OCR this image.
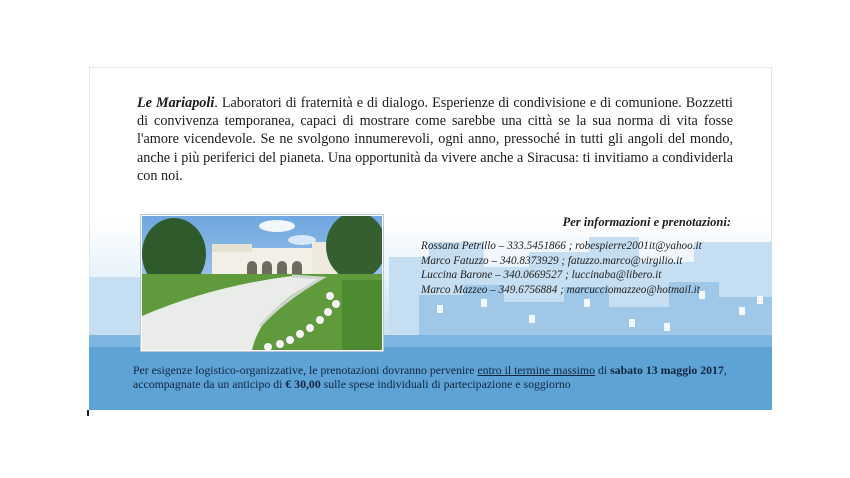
Le Mariapoli. Laboratori di fraternità e di dialogo. Esperienze di condivisione e di comunione. Bozzetti di convivenza temporanea, capaci di mostrare come sarebbe una città se la sua norma di vita fosse l'amore vicendevole. Se ne svolgono innumerevoli, ogni anno, pressoché in tutti gli angoli del mondo, anche i più periferici del pianeta. Una opportunità da vivere anche a Siracusa: ti invitiamo a condividerla con noi.

Per informazioni e prenotazioni:
Rossana Petrillo – 333.5451866 ; robespierre2001it@yahoo.it
Marco Fatuzzo – 340.8373929 ; fatuzzo.marco@virgilio.it
Luccina Barone – 340.0669527 ; luccinaba@libero.it
Marco Mazzeo – 349.6756884 ; marcucciomazzeo@hotmail.it

Per esigenze logistico-organizzative, le prenotazioni dovranno pervenire entro il termine massimo di sabato 13 maggio 2017, accompagnate da un anticipo di € 30,00 sulle spese individuali di partecipazione e soggiorno
